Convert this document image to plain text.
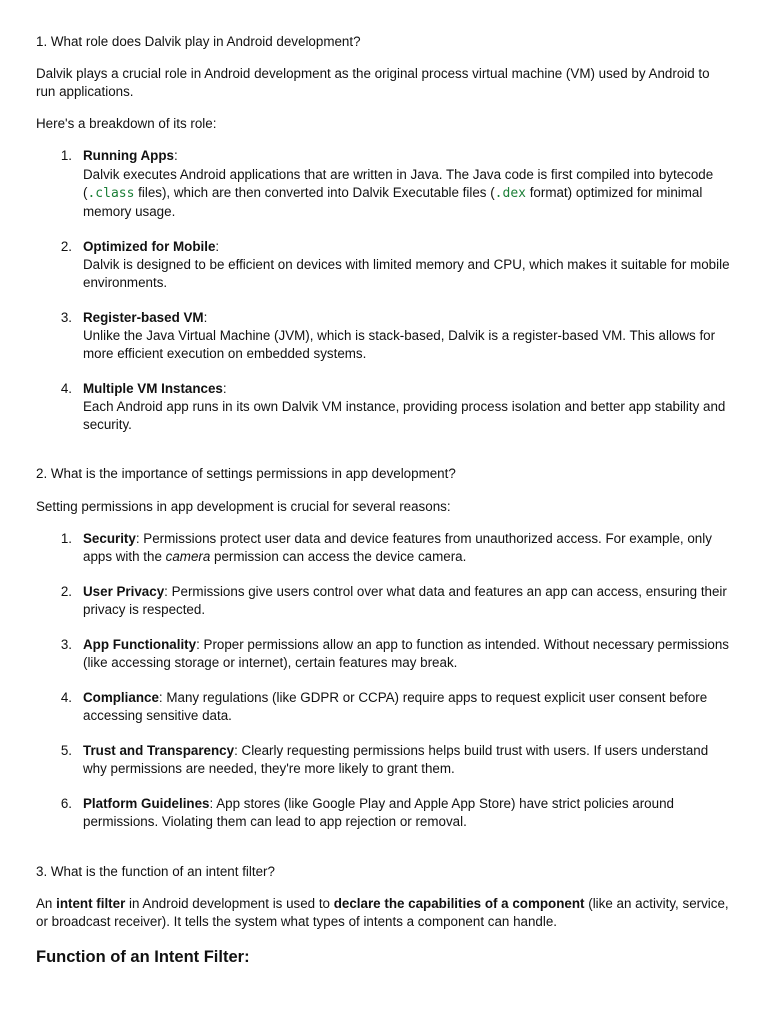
1. What role does Dalvik play in Android development?

Dalvik plays a crucial role in Android development as the original process virtual machine (VM) used by Android to run applications.

Here's a breakdown of its role:

1. Running Apps:
Dalvik executes Android applications that are written in Java. The Java code is first compiled into bytecode (.class files), which are then converted into Dalvik Executable files (.dex format) optimized for minimal memory usage.
2. Optimized for Mobile:
Dalvik is designed to be efficient on devices with limited memory and CPU, which makes it suitable for mobile environments.
3. Register-based VM:
Unlike the Java Virtual Machine (JVM), which is stack-based, Dalvik is a register-based VM. This allows for more efficient execution on embedded systems.
4. Multiple VM Instances:
Each Android app runs in its own Dalvik VM instance, providing process isolation and better app stability and security.

2. What is the importance of settings permissions in app development?

Setting permissions in app development is crucial for several reasons:

1. Security: Permissions protect user data and device features from unauthorized access. For example, only apps with the camera permission can access the device camera.
2. User Privacy: Permissions give users control over what data and features an app can access, ensuring their privacy is respected.
3. App Functionality: Proper permissions allow an app to function as intended. Without necessary permissions (like accessing storage or internet), certain features may break.
4. Compliance: Many regulations (like GDPR or CCPA) require apps to request explicit user consent before accessing sensitive data.
5. Trust and Transparency: Clearly requesting permissions helps build trust with users. If users understand why permissions are needed, they're more likely to grant them.
6. Platform Guidelines: App stores (like Google Play and Apple App Store) have strict policies around permissions. Violating them can lead to app rejection or removal.

3. What is the function of an intent filter?

An intent filter in Android development is used to declare the capabilities of a component (like an activity, service, or broadcast receiver). It tells the system what types of intents a component can handle.

Function of an Intent Filter:
